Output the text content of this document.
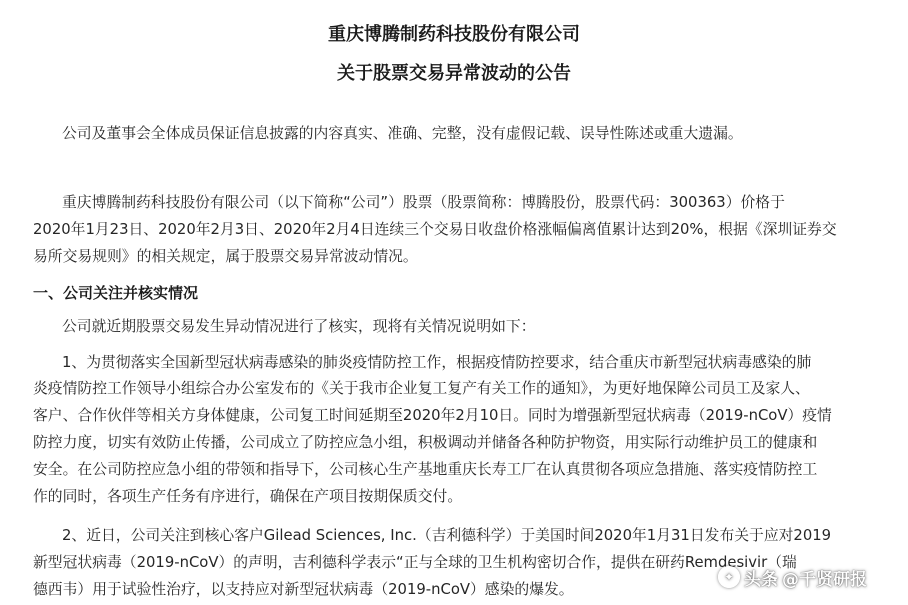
重庆博腾制药科技股份有限公司
关于股票交易异常波动的公告

公司及董事会全体成员保证信息披露的内容真实、准确、完整，没有虚假记载、误导性陈述或重大遗漏。

重庆博腾制药科技股份有限公司（以下简称“公司”）股票（股票简称：博腾股份，股票代码：300363）价格于

2020年1月23日、2020年2月3日、2020年2月4日连续三个交易日收盘价格涨幅偏离值累计达到20%，根据《深圳证券交

易所交易规则》的相关规定，属于股票交易异常波动情况。

一、公司关注并核实情况

公司就近期股票交易发生异动情况进行了核实，现将有关情况说明如下：

1、为贯彻落实全国新型冠状病毒感染的肺炎疫情防控工作，根据疫情防控要求，结合重庆市新型冠状病毒感染的肺

炎疫情防控工作领导小组综合办公室发布的《关于我市企业复工复产有关工作的通知》，为更好地保障公司员工及家人、

客户、合作伙伴等相关方身体健康，公司复工时间延期至2020年2月10日。同时为增强新型冠状病毒（2019-nCoV）疫情

防控力度，切实有效防止传播，公司成立了防控应急小组，积极调动并储备各种防护物资，用实际行动维护员工的健康和

安全。在公司防控应急小组的带领和指导下，公司核心生产基地重庆长寿工厂在认真贯彻各项应急措施、落实疫情防控工

作的同时，各项生产任务有序进行，确保在产项目按期保质交付。

2、近日，公司关注到核心客户Gilead Sciences, Inc.（吉利德科学）于美国时间2020年1月31日发布关于应对2019

新型冠状病毒（2019-nCoV）的声明，吉利德科学表示“正与全球的卫生机构密切合作，提供在研药Remdesivir（瑞

德西韦）用于试验性治疗，以支持应对新型冠状病毒（2019-nCoV）感染的爆发。

✦ 头条 @千贤研报
